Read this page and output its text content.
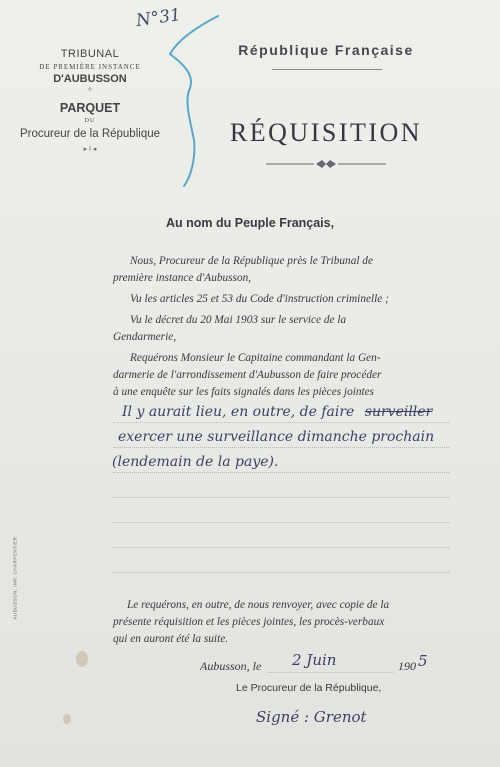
N°31
TRIBUNAL
DE PREMIÈRE INSTANCE
D'AUBUSSON
✧
PARQUET
DU
Procureur de la République
▸ I ◂
République Française
RÉQUISITION
Au nom du Peuple Français,
Nous, Procureur de la République près le Tribunal de
première instance d'Aubusson,
Vu les articles 25 et 53 du Code d'instruction criminelle ;
Vu le décret du 20 Mai 1903 sur le service de la
Gendarmerie,
Requérons Monsieur le Capitaine commandant la Gen-
darmerie de l'arrondissement d'Aubusson de faire procéder
à une enquête sur les faits signalés dans les pièces jointes
Il y aurait lieu, en outre, de faire surveiller
exercer une surveillance dimanche prochain
(lendemain de la paye).
Le requérons, en outre, de nous renvoyer, avec copie de la
présente réquisition et les pièces jointes, les procès-verbaux
qui en auront été la suite.
Aubusson, le 2 Juin	190 5
Le Procureur de la République,
Signé : Grenot
AUBUSSON, IMP. CHARPENTIER
